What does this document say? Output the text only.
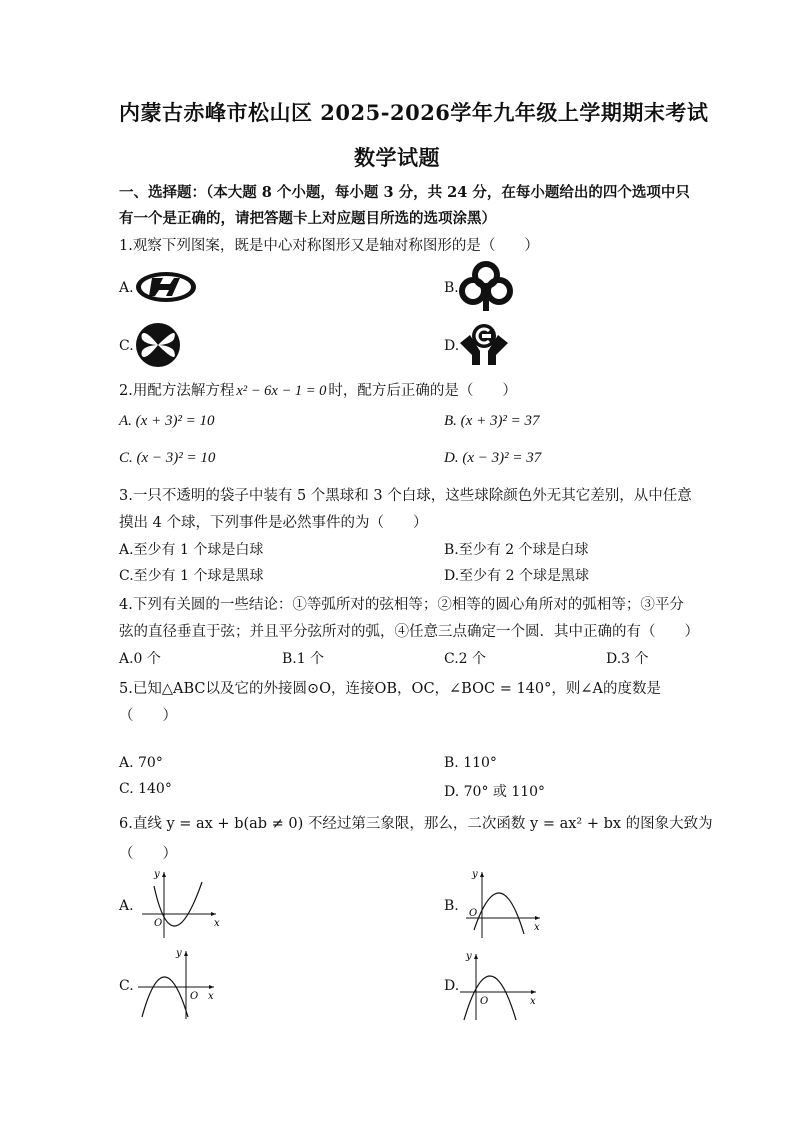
内蒙古赤峰市松山区 2025-2026学年九年级上学期期末考试
数学试题
一、选择题：（本大题 8 个小题，每小题 3 分，共 24 分，在每小题给出的四个选项中只
有一个是正确的，请把答题卡上对应题目所选的选项涂黑）
1.观察下列图案，既是中心对称图形又是轴对称图形的是（　　）
A.	B.
C.	D.
2.用配方法解方程 x² − 6x − 1 = 0 时，配方后正确的是（　　）
A. (x + 3)² = 10	B. (x + 3)² = 37
C. (x − 3)² = 10	D. (x − 3)² = 37
3.一只不透明的袋子中装有 5 个黑球和 3 个白球，这些球除颜色外无其它差别，从中任意
摸出 4 个球，下列事件是必然事件的为（　　）
A.至少有 1 个球是白球	B.至少有 2 个球是白球
C.至少有 1 个球是黑球	D.至少有 2 个球是黑球
4.下列有关圆的一些结论：①等弧所对的弦相等；②相等的圆心角所对的弧相等；③平分
弦的直径垂直于弦；并且平分弦所对的弧，④任意三点确定一个圆．其中正确的有（　　）
A.0 个	B.1 个	C.2 个	D.3 个
5.已知△ABC以及它的外接圆⊙O，连接OB，OC，∠BOC = 140°，则∠A的度数是
（　　）
A. 70°	B. 110°
C. 140°	D. 70° 或 110°
6.直线 y = ax + b(ab ≠ 0) 不经过第三象限，那么，二次函数 y = ax² + bx 的图象大致为
（　　）
A.
y
x
O
B.
y
x
O
C.
y
x
O
D.
y
x
O
